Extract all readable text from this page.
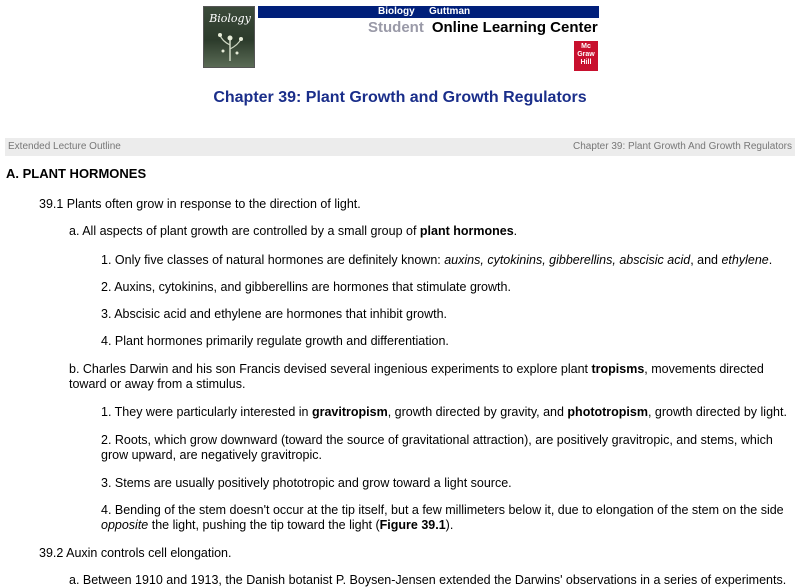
Biology
Biology Guttman
Student Online Learning Center
Mc Graw Hill
Chapter 39: Plant Growth and Growth Regulators
Extended Lecture Outline	Chapter 39: Plant Growth And Growth Regulators
A. PLANT HORMONES

39.1 Plants often grow in response to the direction of light.

a. All aspects of plant growth are controlled by a small group of plant hormones.

1. Only five classes of natural hormones are definitely known: auxins, cytokinins, gibberellins, abscisic acid, and ethylene.

2. Auxins, cytokinins, and gibberellins are hormones that stimulate growth.

3. Abscisic acid and ethylene are hormones that inhibit growth.

4. Plant hormones primarily regulate growth and differentiation.

b. Charles Darwin and his son Francis devised several ingenious experiments to explore plant tropisms, movements directed toward or away from a stimulus.

1. They were particularly interested in gravitropism, growth directed by gravity, and phototropism, growth directed by light.

2. Roots, which grow downward (toward the source of gravitational attraction), are positively gravitropic, and stems, which grow upward, are negatively gravitropic.

3. Stems are usually positively phototropic and grow toward a light source.

4. Bending of the stem doesn't occur at the tip itself, but a few millimeters below it, due to elongation of the stem on the side opposite the light, pushing the tip toward the light (Figure 39.1).

39.2 Auxin controls cell elongation.

a. Between 1910 and 1913, the Danish botanist P. Boysen-Jensen extended the Darwins' observations in a series of experiments.
